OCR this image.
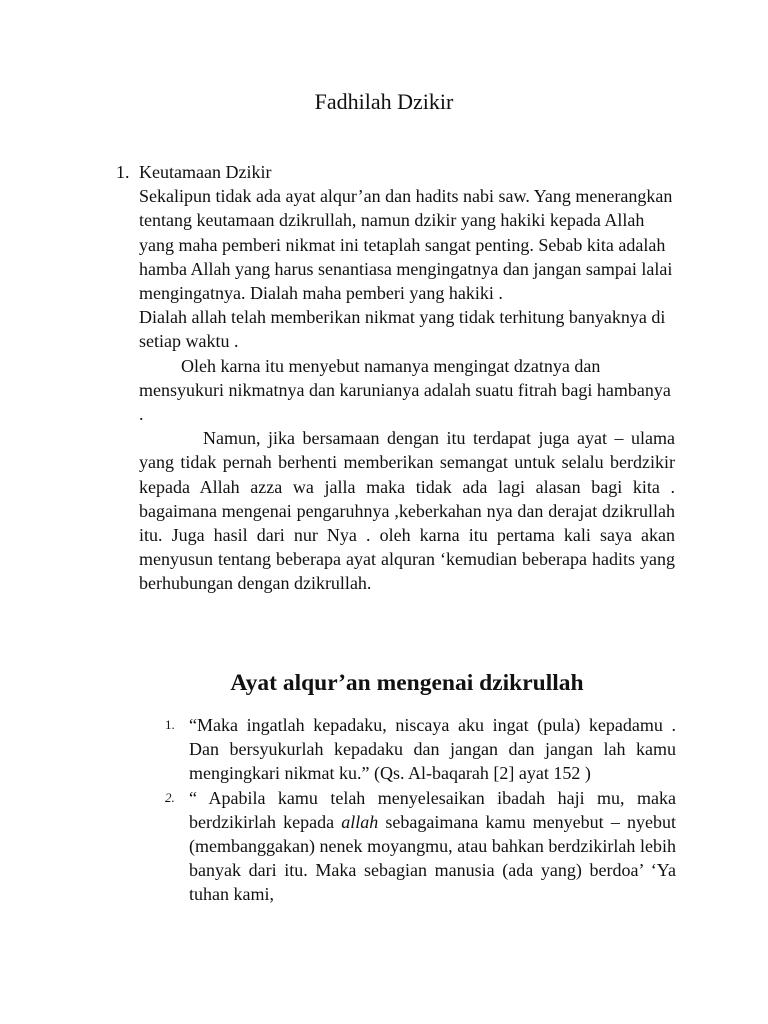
Fadhilah Dzikir
1. Keutamaan Dzikir

Sekalipun tidak ada ayat alqur’an dan hadits nabi saw. Yang menerangkan tentang keutamaan dzikrullah, namun dzikir yang hakiki kepada Allah yang maha pemberi nikmat ini tetaplah sangat penting. Sebab kita adalah hamba Allah yang harus senantiasa mengingatnya dan jangan sampai lalai mengingatnya. Dialah maha pemberi yang hakiki .

Dialah allah telah memberikan nikmat yang tidak terhitung banyaknya di setiap waktu .

Oleh karna itu menyebut namanya mengingat dzatnya dan mensyukuri nikmatnya dan karunianya adalah suatu fitrah bagi hambanya .

Namun, jika bersamaan dengan itu terdapat juga ayat – ulama yang tidak pernah berhenti memberikan semangat untuk selalu berdzikir kepada Allah azza wa jalla maka tidak ada lagi alasan bagi kita . bagaimana mengenai pengaruhnya ,keberkahan nya dan derajat dzikrullah itu. Juga hasil dari nur Nya . oleh karna itu pertama kali saya akan menyusun tentang beberapa ayat alquran ‘kemudian beberapa hadits yang berhubungan dengan dzikrullah.

Ayat alqur’an mengenai dzikrullah
1. “Maka ingatlah kepadaku, niscaya aku ingat (pula) kepadamu . Dan bersyukurlah kepadaku dan jangan dan jangan lah kamu mengingkari nikmat ku.” (Qs. Al-baqarah [2] ayat 152 )
2. “ Apabila kamu telah menyelesaikan ibadah haji mu, maka berdzikirlah kepada allah sebagaimana kamu menyebut – nyebut (membanggakan) nenek moyangmu, atau bahkan berdzikirlah lebih banyak dari itu. Maka sebagian manusia (ada yang) berdoa’ ‘Ya tuhan kami,
